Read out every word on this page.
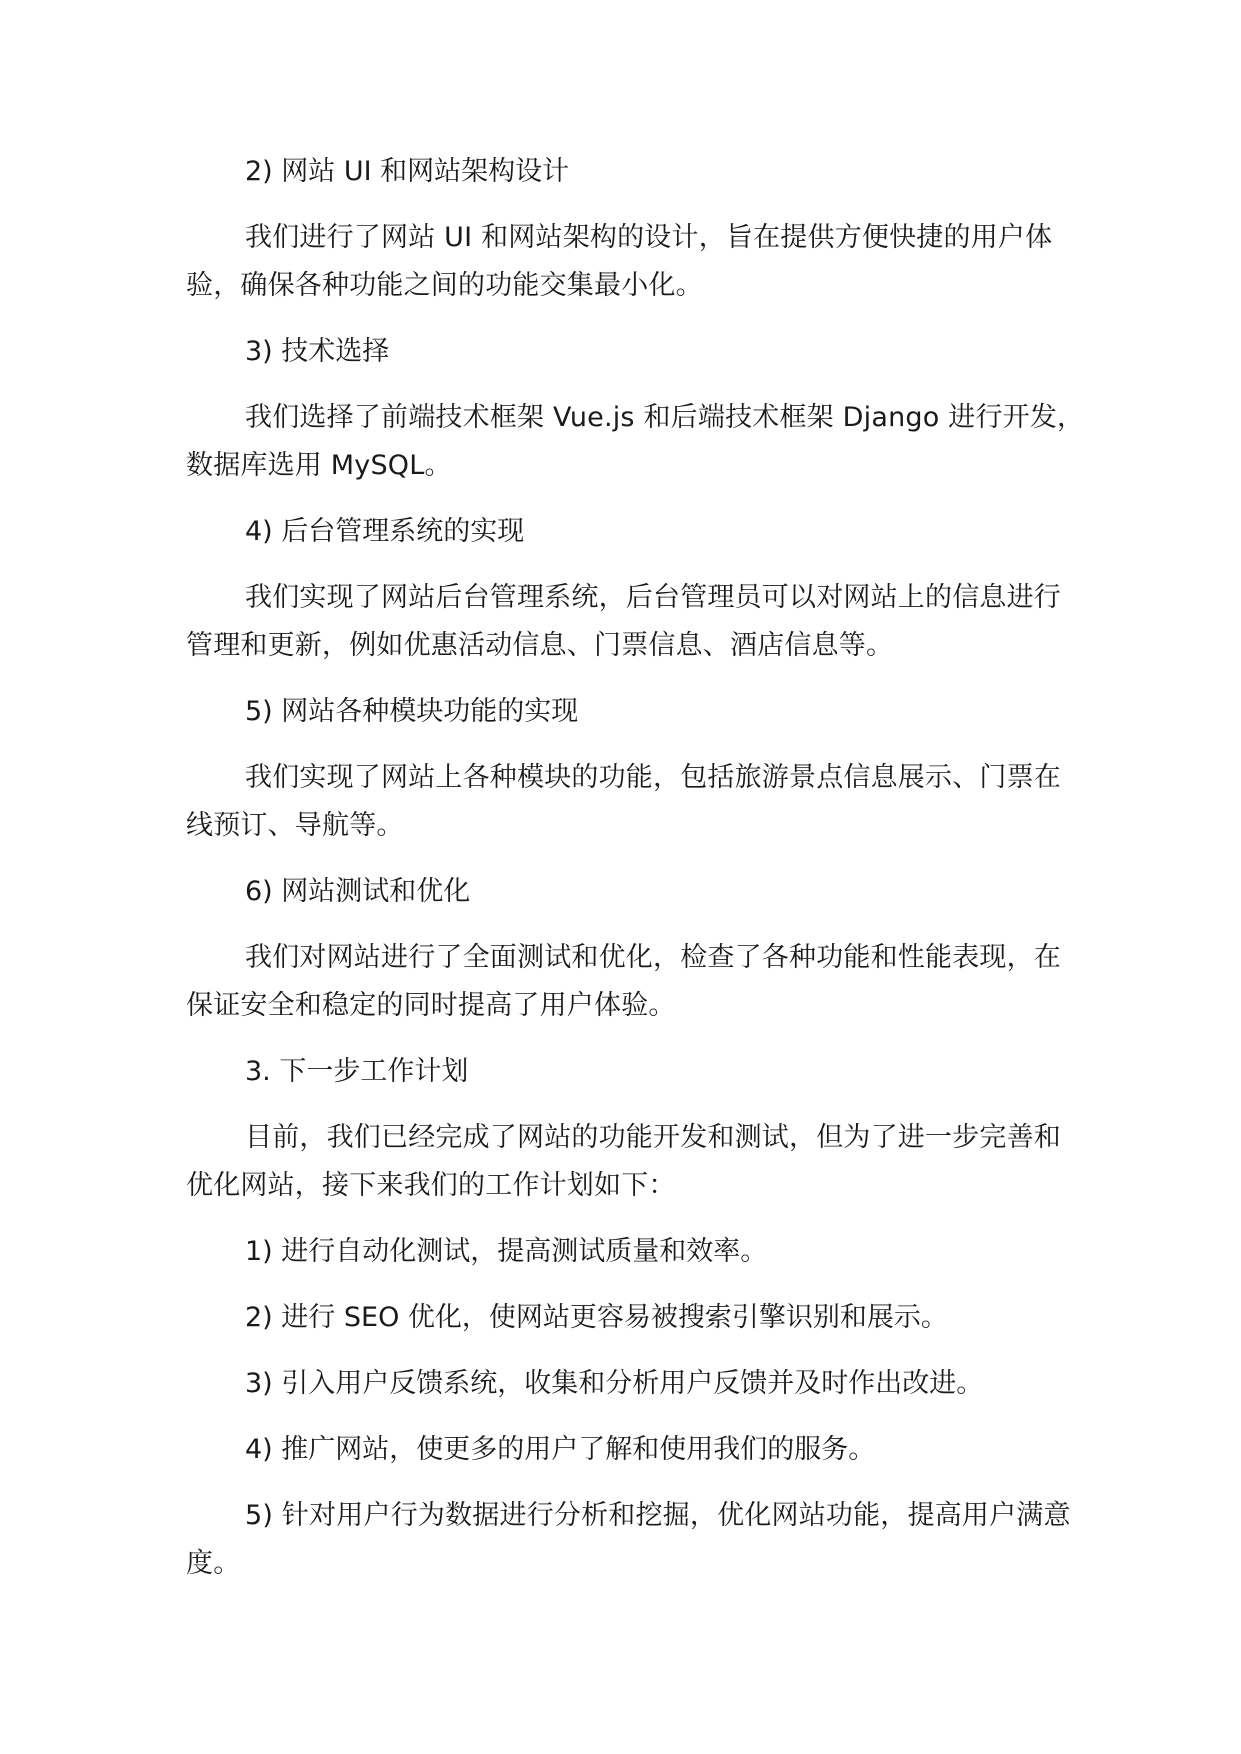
2) 网站 UI 和网站架构设计

我们进行了网站 UI 和网站架构的设计，旨在提供方便快捷的用户体验，确保各种功能之间的功能交集最小化。

3) 技术选择

我们选择了前端技术框架 Vue.js 和后端技术框架 Django 进行开发，数据库选用 MySQL。

4) 后台管理系统的实现

我们实现了网站后台管理系统，后台管理员可以对网站上的信息进行管理和更新，例如优惠活动信息、门票信息、酒店信息等。

5) 网站各种模块功能的实现

我们实现了网站上各种模块的功能，包括旅游景点信息展示、门票在线预订、导航等。

6) 网站测试和优化

我们对网站进行了全面测试和优化，检查了各种功能和性能表现，在保证安全和稳定的同时提高了用户体验。

3. 下一步工作计划

目前，我们已经完成了网站的功能开发和测试，但为了进一步完善和优化网站，接下来我们的工作计划如下：

1) 进行自动化测试，提高测试质量和效率。

2) 进行 SEO 优化，使网站更容易被搜索引擎识别和展示。

3) 引入用户反馈系统，收集和分析用户反馈并及时作出改进。

4) 推广网站，使更多的用户了解和使用我们的服务。

5) 针对用户行为数据进行分析和挖掘，优化网站功能，提高用户满意度。
